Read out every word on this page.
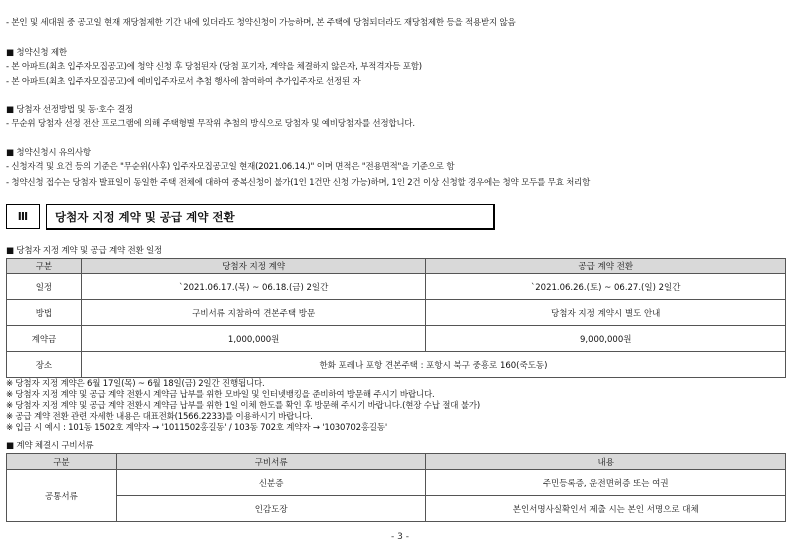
- 본인 및 세대원 중 공고일 현재 재당첨제한 기간 내에 있더라도 청약신청이 가능하며, 본 주택에 당첨되더라도 재당첨제한 등을 적용받지 않음
■ 청약신청 제한
- 본 아파트(최초 입주자모집공고)에 청약 신청 후 당첨된자 (당첨 포기자, 계약을 체결하지 않은자, 부적격자등 포함)
- 본 아파트(최초 입주자모집공고)에 예비입주자로서 추첨 행사에 참여하여 추가입주자로 선정된 자
■ 당첨자 선정방법 및 동·호수 결정
- 무순위 당첨자 선정 전산 프로그램에 의해 주택형별 무작위 추첨의 방식으로 당첨자 및 예비당첨자를 선정합니다.
■ 청약신청시 유의사항
- 신청자격 및 요건 등의 기준은 "무순위(사후) 입주자모집공고일 현재(2021.06.14.)" 이며 면적은 "전용면적"을 기준으로 함
- 청약신청 접수는 당첨자 발표일이 동일한 주택 전체에 대하여 중복신청이 불가(1인 1건만 신청 가능)하며, 1인 2건 이상 신청할 경우에는 청약 모두를 무효 처리함
Ⅲ	당첨자 지정 계약 및 공급 계약 전환
■ 당첨자 지정 계약 및 공급 계약 전환 일정
구분	당첨자 지정 계약	공급 계약 전환
일정	`2021.06.17.(목) ~ 06.18.(금) 2일간	`2021.06.26.(토) ~ 06.27.(일) 2일간
방법	구비서류 지참하여 견본주택 방문	당첨자 지정 계약시 별도 안내
계약금	1,000,000원	9,000,000원
장소	한화 포레나 포항 견본주택 : 포항시 북구 중흥로 160(죽도동)	
※ 당첨자 지정 계약은 6월 17일(목) ~ 6월 18일(금) 2일간 진행됩니다.
※ 당첨자 지정 계약 및 공급 계약 전환시 계약금 납부를 위한 모바일 및 인터넷뱅킹을 준비하여 방문해 주시기 바랍니다.
※ 당첨자 지정 계약 및 공급 계약 전환시 계약금 납부를 위한 1일 이체 한도를 확인 후 방문해 주시기 바랍니다.(현장 수납 절대 불가)
※ 공급 계약 전환 관련 자세한 내용은 대표전화(1566.2233)를 이용하시기 바랍니다.
※ 입금 시 예시 : 101동 1502호 계약자 → '1011502홍길동' / 103동 702호 계약자 → '1030702홍길동'
■ 계약 체결시 구비서류
구분	구비서류	내용
공통서류	신분증	주민등록증, 운전면허증 또는 여권
	인감도장	본인서명사실확인서 제출 시는 본인 서명으로 대체
- 3 -
